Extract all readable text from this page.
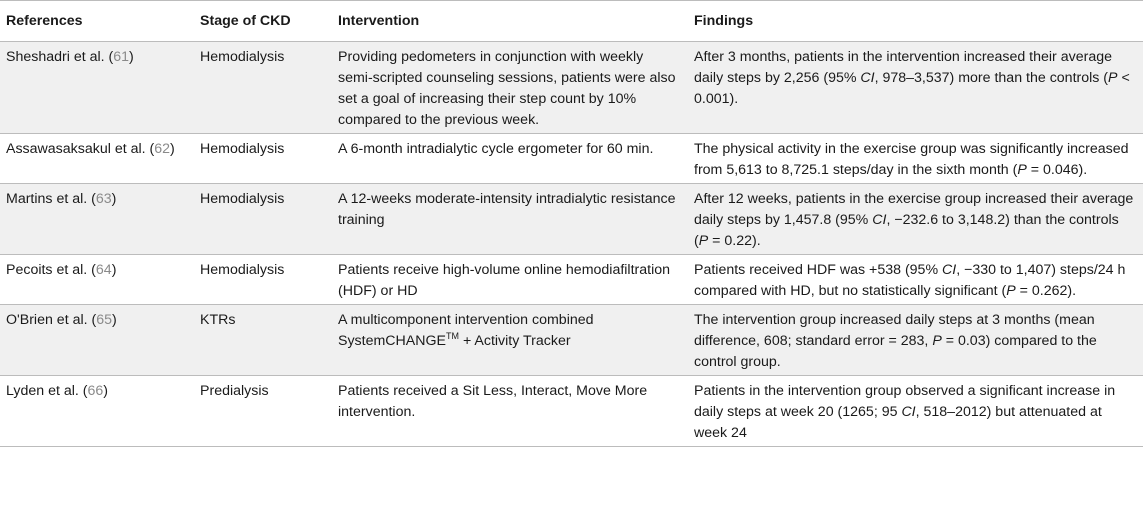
References	Stage of CKD	Intervention	Findings
Sheshadri et al. (61)	Hemodialysis	Providing pedometers in conjunction with weekly semi-scripted counseling sessions, patients were also set a goal of increasing their step count by 10% compared to the previous week.	After 3 months, patients in the intervention increased their average daily steps by 2,256 (95% CI, 978–3,537) more than the controls (P < 0.001).
Assawasaksakul et al. (62)	Hemodialysis	A 6-month intradialytic cycle ergometer for 60 min.	The physical activity in the exercise group was significantly increased from 5,613 to 8,725.1 steps/day in the sixth month (P = 0.046).
Martins et al. (63)	Hemodialysis	A 12-weeks moderate-intensity intradialytic resistance training	After 12 weeks, patients in the exercise group increased their average daily steps by 1,457.8 (95% CI, −232.6 to 3,148.2) than the controls (P = 0.22).
Pecoits et al. (64)	Hemodialysis	Patients receive high-volume online hemodiafiltration (HDF) or HD	Patients received HDF was +538 (95% CI, −330 to 1,407) steps/24 h compared with HD, but no statistically significant (P = 0.262).
O'Brien et al. (65)	KTRs	A multicomponent intervention combined SystemCHANGE™ + Activity Tracker	The intervention group increased daily steps at 3 months (mean difference, 608; standard error = 283, P = 0.03) compared to the control group.
Lyden et al. (66)	Predialysis	Patients received a Sit Less, Interact, Move More intervention.	Patients in the intervention group observed a significant increase in daily steps at week 20 (1265; 95 CI, 518–2012) but attenuated at week 24
